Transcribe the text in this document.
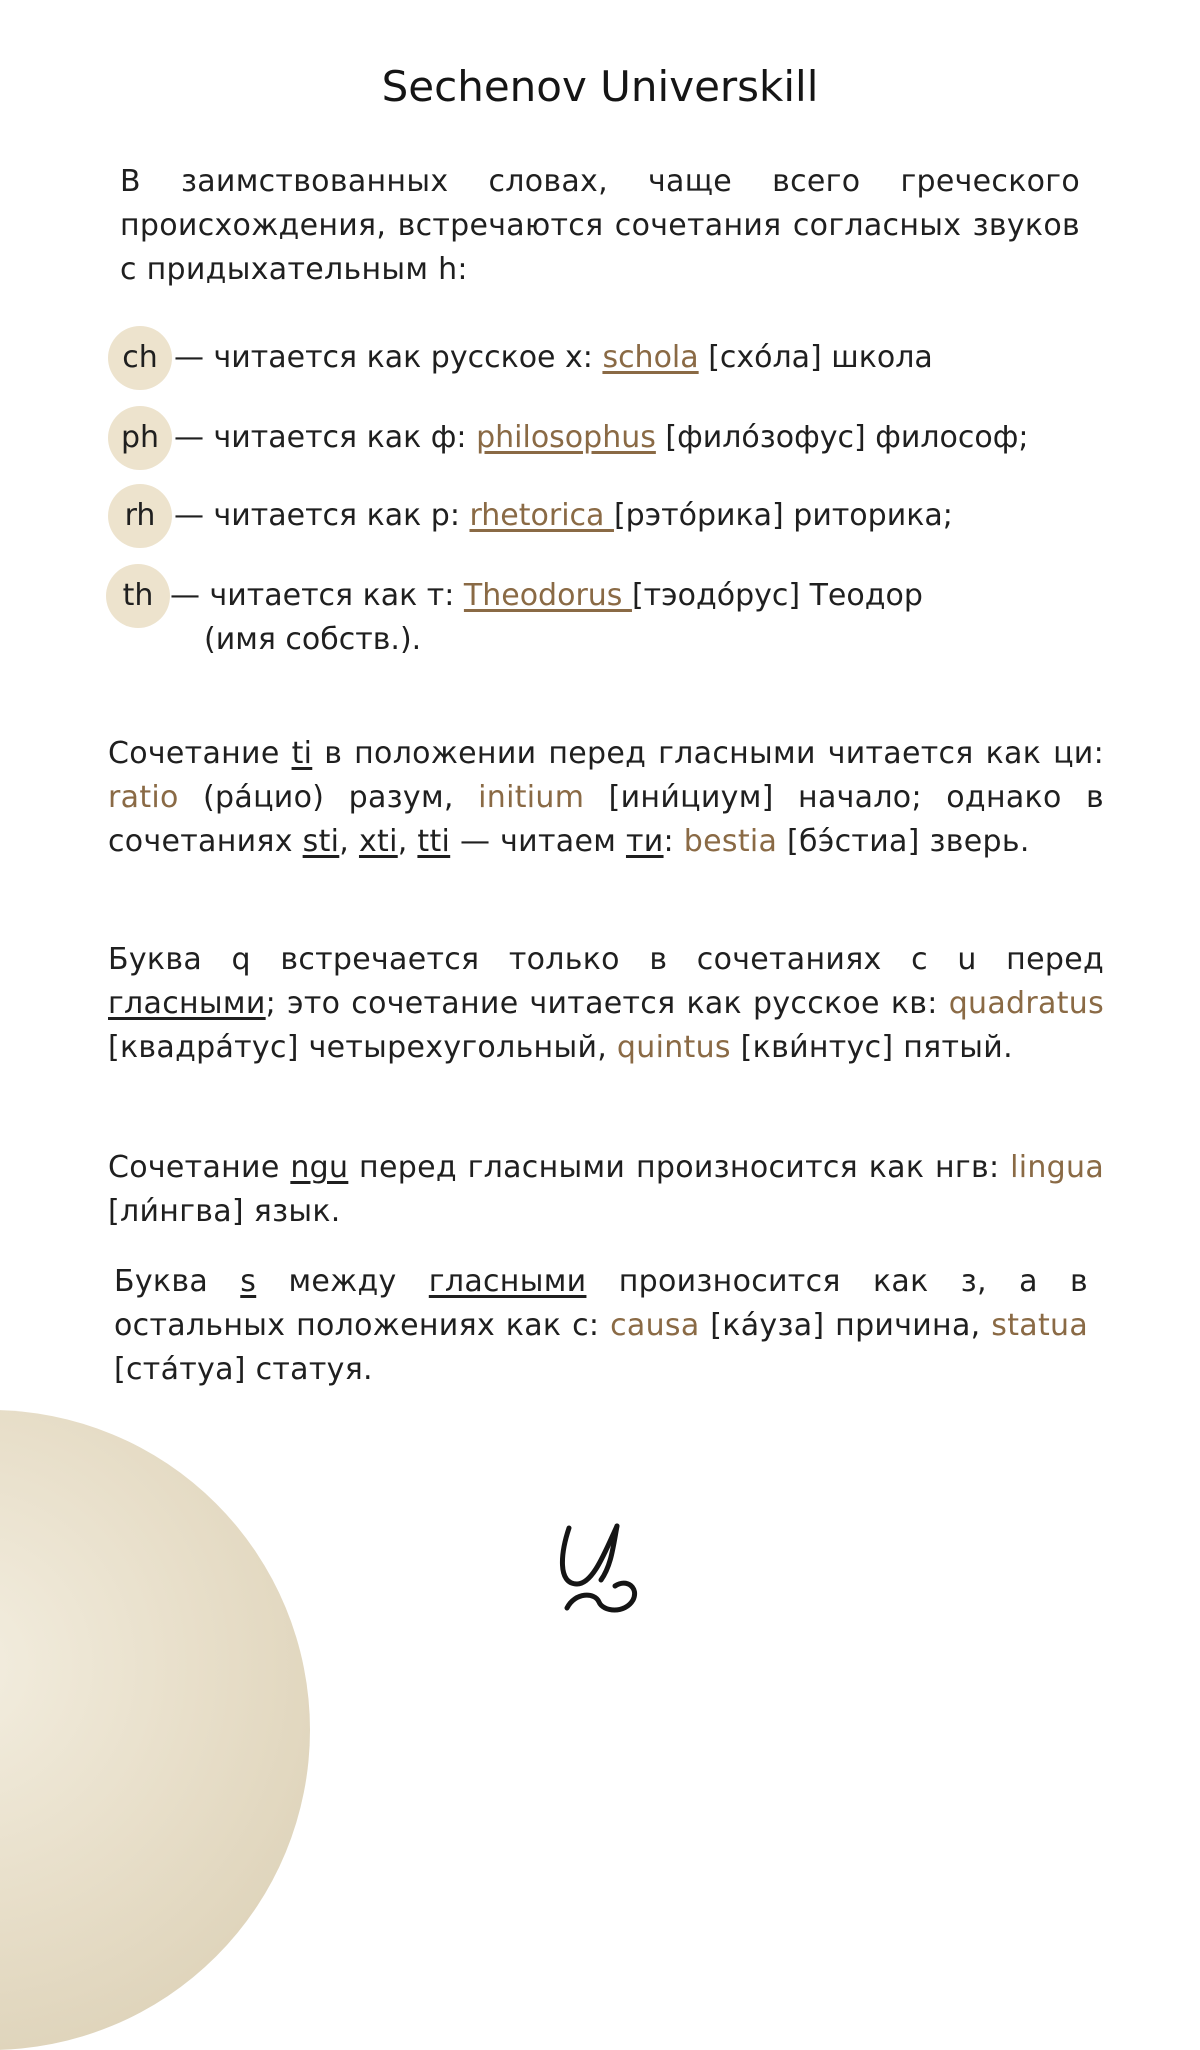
Sechenov Universkill
В заимствованных словах, чаще всего греческого происхождения, встречаются сочетания согласных звуков с придыхательным h:
ch — читается как русское х: schola [схо́ла] школа
ph — читается как ф: philosophus [фило́зофус] философ;
rh — читается как р: rhetorica [рэто́рика] риторика;
th — читается как т: Theodorus [тэодо́рус] Теодор
(имя собств.).
Сочетание ti в положении перед гласными читается как ци: ratio (ра́цио) разум, initium [ини́циум] начало; однако в сочетаниях sti, xti, tti — читаем ти: bestia [бэ́стиа] зверь.
Буква q встречается только в сочетаниях с u перед гласными; это сочетание читается как русское кв: quadratus [квадра́тус] четырехугольный, quintus [кви́нтус] пятый.
Сочетание ngu перед гласными произносится как нгв: lingua [ли́нгва] язык.
Буква s между гласными произносится как з, а в остальных положениях как с: causa [ка́уза] причина, statua [ста́туа] статуя.
